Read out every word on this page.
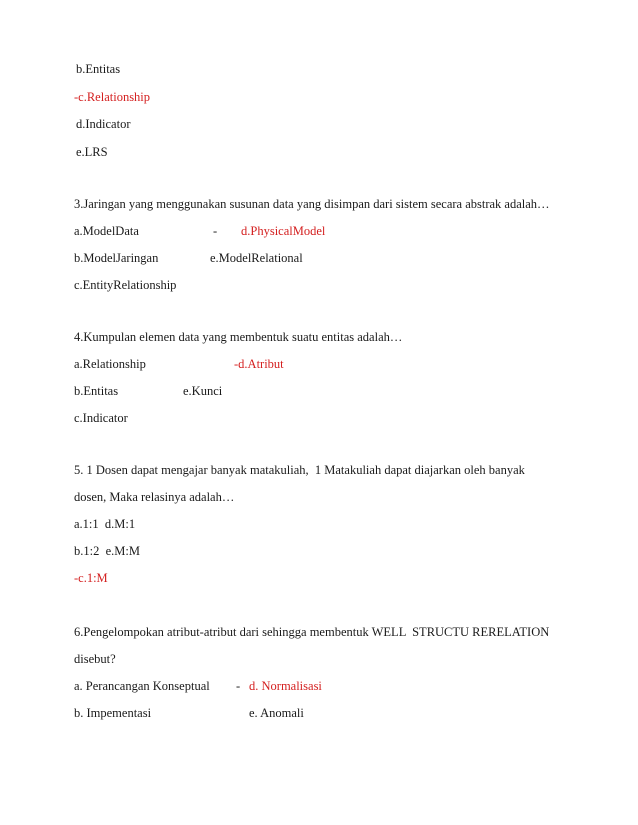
b.Entitas
-c.Relationship
d.Indicator
e.LRS
3.Jaringan yang menggunakan susunan data yang disimpan dari sistem secara abstrak adalah…
a.ModelData	- d.PhysicalModel
b.ModelJaringan	e.ModelRelational
c.EntityRelationship
4.Kumpulan elemen data yang membentuk suatu entitas adalah…
a.Relationship	-d.Atribut
b.Entitas	e.Kunci
c.Indicator
5. 1 Dosen dapat mengajar banyak matakuliah,  1 Matakuliah dapat diajarkan oleh banyak
dosen, Maka relasinya adalah…
a.1:1  d.M:1
b.1:2  e.M:M
-c.1:M
6.Pengelompokan atribut-atribut dari sehingga membentuk WELL  STRUCTU RERELATION
disebut?
a. Perancangan Konseptual - d. Normalisasi
b. Impementasi	e. Anomali
